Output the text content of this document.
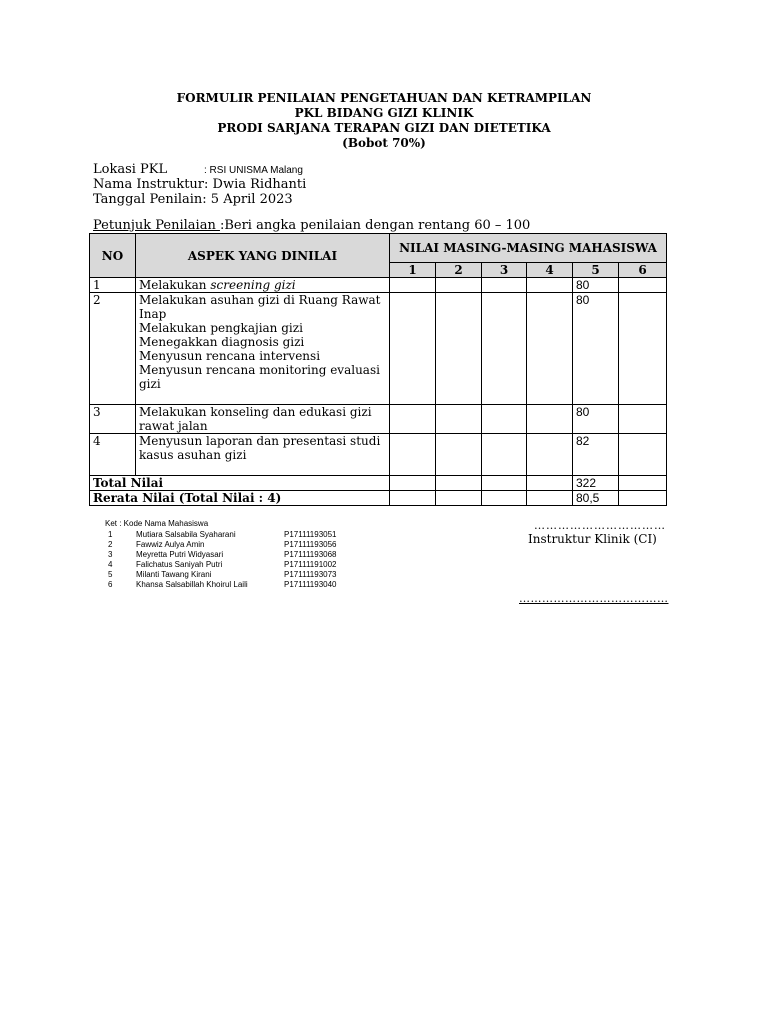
FORMULIR PENILAIAN PENGETAHUAN DAN KETRAMPILAN
PKL BIDANG GIZI KLINIK
PRODI SARJANA TERAPAN GIZI DAN DIETETIKA
(Bobot 70%)
Lokasi PKL	: RSI UNISMA Malang
Nama Instruktur: Dwia Ridhanti
Tanggal Penilain: 5 April 2023
Petunjuk Penilaian :Beri angka penilaian dengan rentang 60 – 100
NO	ASPEK YANG DINILAI	NILAI MASING-MASING MAHASISWA					
		1	2	3	4	5	6
1	Melakukan screening gizi					80	
2	Melakukan asuhan gizi di Ruang Rawat Inap
Melakukan pengkajian gizi
Menegakkan diagnosis gizi
Menyusun rencana intervensi
Menyusun rencana monitoring evaluasi gizi					80	
3	Melakukan konseling dan edukasi gizi rawat jalan					80	
4	Menyusun laporan dan presentasi studi kasus asuhan gizi					82	
Total Nilai						322	
Rerata Nilai (Total Nilai : 4)						80,5	
Ket : Kode Nama Mahasiswa
1	Mutiara Salsabila Syaharani	P17111193051
2	Fawwiz Aulya Amin	P17111193056
3	Meyretta Putri Widyasari	P17111193068
4	Falichatus Saniyah Putri	P17111191002
5	Milanti Tawang Kirani	P17111193073
6	Khansa Salsabillah Khoirul Laili	P17111193040
……………………………
Instruktur Klinik (CI)
…………………………………
